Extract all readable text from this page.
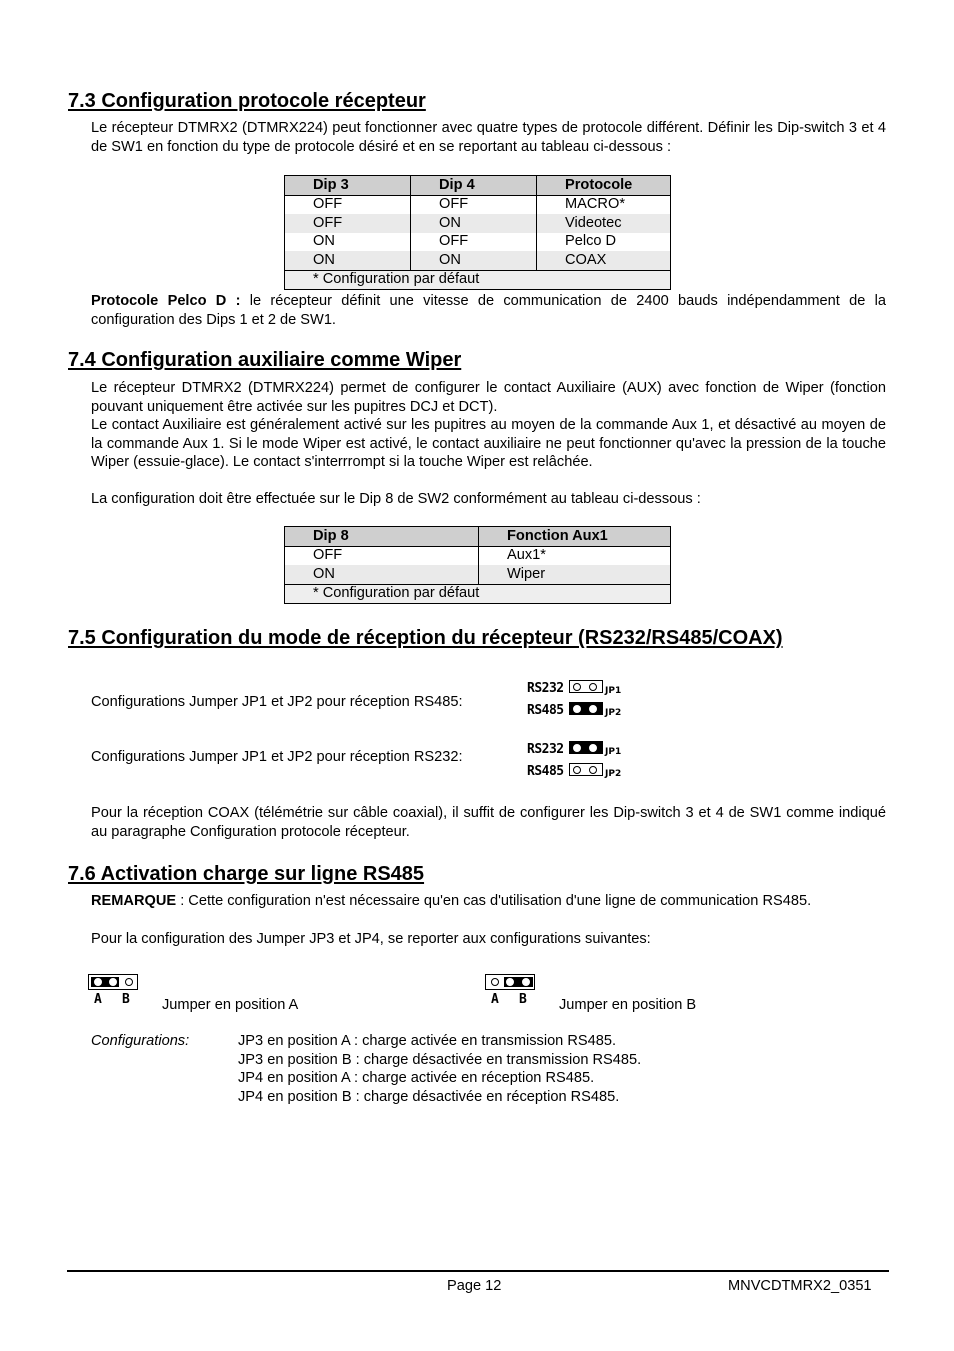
7.3 Configuration protocole récepteur

Le récepteur DTMRX2 (DTMRX224) peut fonctionner avec quatre types de protocole différent. Définir les Dip-switch 3 et 4 de SW1 en fonction du type de protocole désiré et en se reportant au tableau ci-dessous :

Dip 3	Dip 4	Protocole
OFF	OFF	MACRO*
OFF	ON	Videotec
ON	OFF	Pelco D
ON	ON	COAX
* Configuration par défaut		

Protocole Pelco D : le récepteur définit une vitesse de communication de 2400 bauds indépendamment de la configuration des Dips 1 et 2 de SW1.

7.4 Configuration auxiliaire comme Wiper

Le récepteur DTMRX2 (DTMRX224) permet de configurer le contact Auxiliaire (AUX) avec fonction de Wiper (fonction pouvant uniquement être activée sur les pupitres DCJ et DCT).

Le contact Auxiliaire est généralement activé sur les pupitres au moyen de la commande Aux 1, et désactivé au moyen de la commande Aux 1. Si le mode Wiper est activé, le contact auxiliaire ne peut fonctionner qu'avec la pression de la touche Wiper (essuie-glace). Le contact s'interrrompt si la touche Wiper est relâchée.

La configuration doit être effectuée sur le Dip 8 de SW2 conformément au tableau ci-dessous :

Dip 8	Fonction Aux1
OFF	Aux1*
ON	Wiper
* Configuration par défaut	
7.5 Configuration du mode de réception du récepteur (RS232/RS485/COAX)
Configurations Jumper JP1 et JP2 pour réception RS485:
RS232	JP1
RS485	JP2
Configurations Jumper JP1 et JP2 pour réception RS232:	RS232	JP1
RS485	JP2

Pour la réception COAX (télémétrie sur câble coaxial), il suffit de configurer les Dip-switch 3 et 4 de SW1 comme indiqué au paragraphe Configuration protocole récepteur.

7.6 Activation charge sur ligne RS485

REMARQUE : Cette configuration n'est nécessaire qu'en cas d'utilisation d'une ligne de communication RS485.

Pour la configuration des Jumper JP3 et JP4, se reporter aux configurations suivantes:

A B Jumper en position A	A B Jumper en position B
Configurations:	JP3 en position A : charge activée en transmission RS485.
JP3 en position B : charge désactivée en transmission RS485.
JP4 en position A : charge activée en réception RS485.
JP4 en position B : charge désactivée en réception RS485.
Page 12	MNVCDTMRX2_0351
